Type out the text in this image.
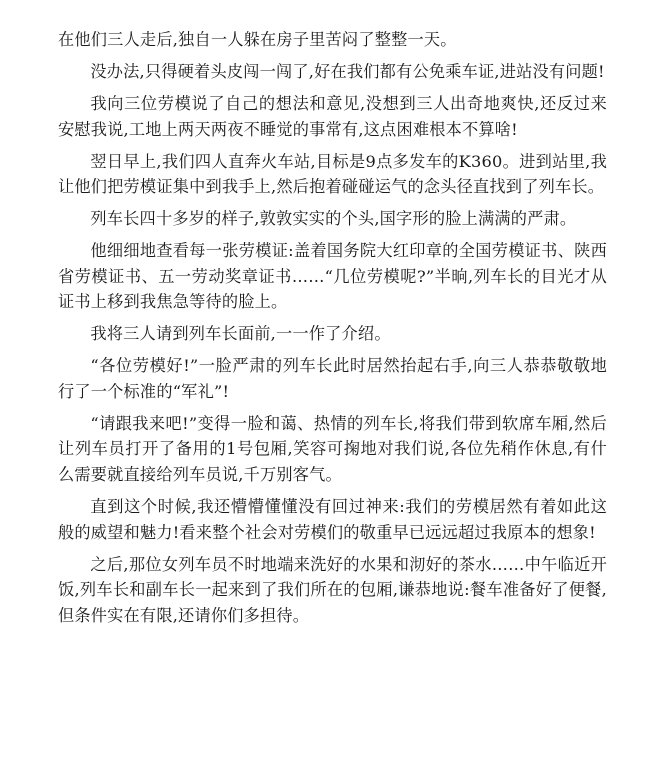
在他们三人走后,独自一人躲在房子里苦闷了整整一天。

没办法,只得硬着头皮闯一闯了,好在我们都有公免乘车证,进站没有问题!

我向三位劳模说了自己的想法和意见,没想到三人出奇地爽快,还反过来安慰我说,工地上两天两夜不睡觉的事常有,这点困难根本不算啥!

翌日早上,我们四人直奔火车站,目标是9点多发车的K360。进到站里,我让他们把劳模证集中到我手上,然后抱着碰碰运气的念头径直找到了列车长。

列车长四十多岁的样子,敦敦实实的个头,国字形的脸上满满的严肃。

他细细地查看每一张劳模证:盖着国务院大红印章的全国劳模证书、陕西省劳模证书、五一劳动奖章证书……“几位劳模呢?”半晌,列车长的目光才从证书上移到我焦急等待的脸上。

我将三人请到列车长面前,一一作了介绍。

“各位劳模好!”一脸严肃的列车长此时居然抬起右手,向三人恭恭敬敬地行了一个标准的“军礼”!

“请跟我来吧!”变得一脸和蔼、热情的列车长,将我们带到软席车厢,然后让列车员打开了备用的1号包厢,笑容可掬地对我们说,各位先稍作休息,有什么需要就直接给列车员说,千万别客气。

直到这个时候,我还懵懵懂懂没有回过神来:我们的劳模居然有着如此这般的威望和魅力!看来整个社会对劳模们的敬重早已远远超过我原本的想象!

之后,那位女列车员不时地端来洗好的水果和沏好的茶水……中午临近开饭,列车长和副车长一起来到了我们所在的包厢,谦恭地说:餐车准备好了便餐,但条件实在有限,还请你们多担待。
